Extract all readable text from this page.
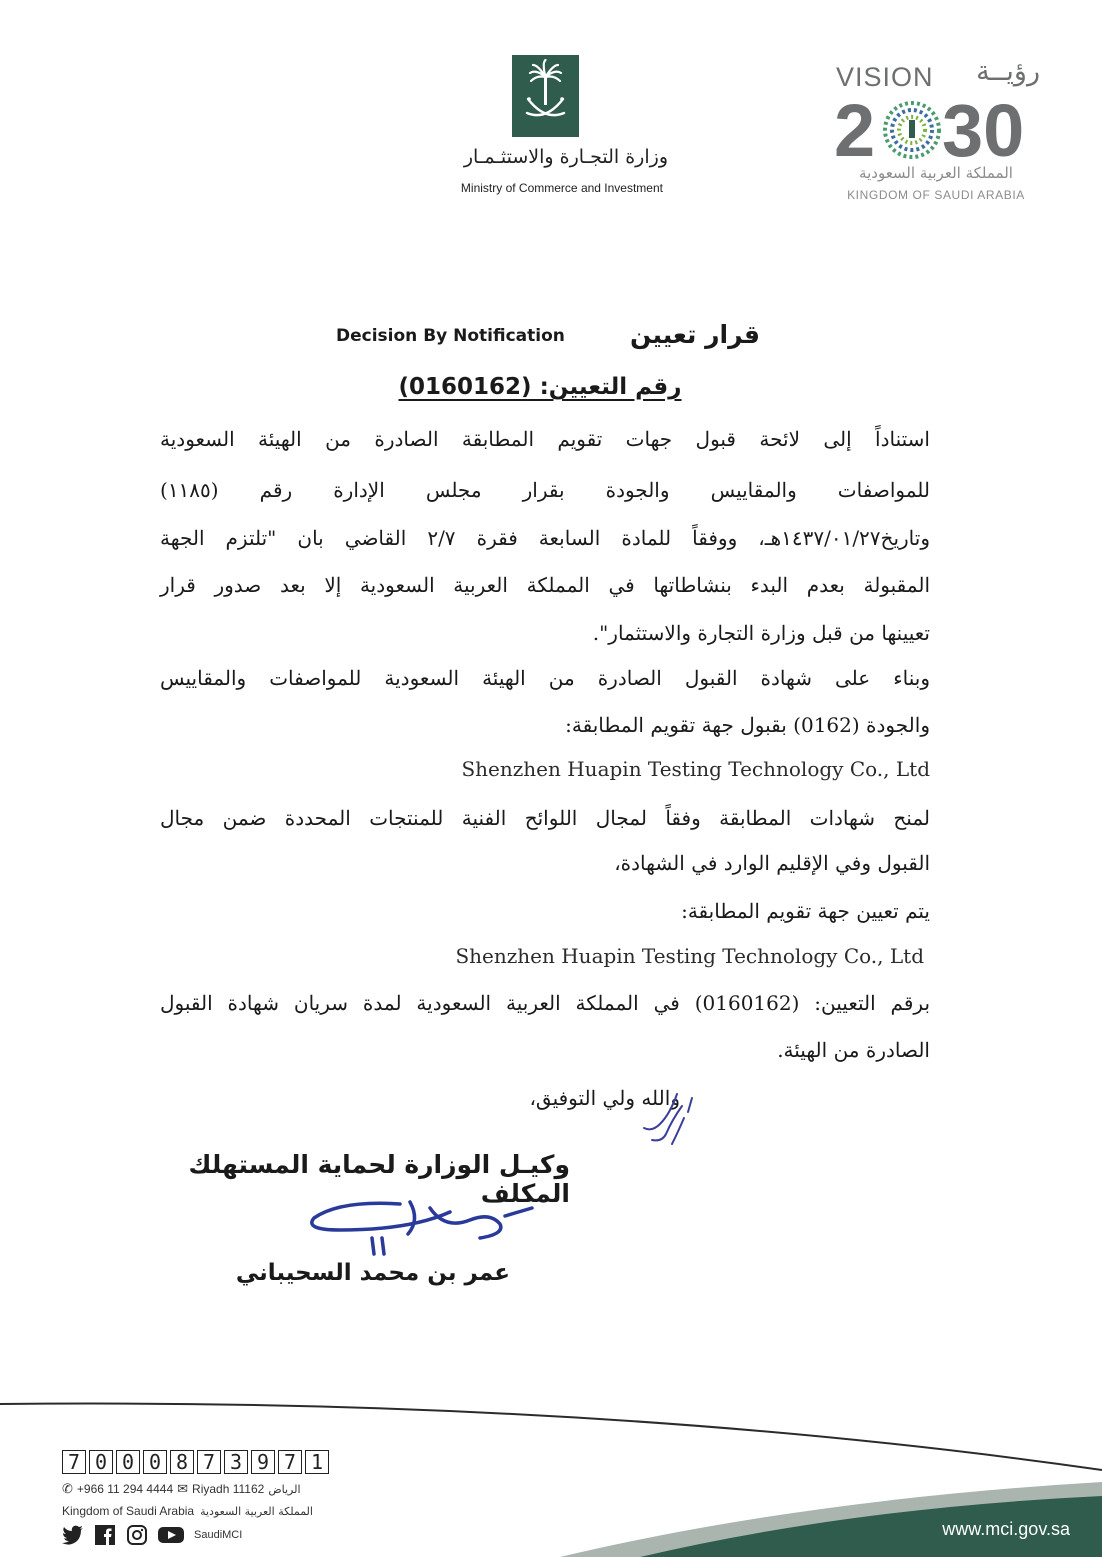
وزارة التجـارة والاستثـمـار
Ministry of Commerce and Investment
VISION	رؤيــة
2 30
المملكة العربية السعودية
KINGDOM OF SAUDI ARABIA
Decision By Notification	قرار تعيين
رقم التعيين: (0160162)
استناداً إلى لائحة قبول جهات تقويم المطابقة الصادرة من الهيئة السعودية
للمواصفات والمقاييس والجودة بقرار مجلس الإدارة رقم (١١٨٥)
وتاريخ١٤٣٧/٠١/٢٧هـ، ووفقاً للمادة السابعة فقرة ٢/٧ القاضي بان "تلتزم الجهة
المقبولة بعدم البدء بنشاطاتها في المملكة العربية السعودية إلا بعد صدور قرار
تعيينها من قبل وزارة التجارة والاستثمار".
وبناء على شهادة القبول الصادرة من الهيئة السعودية للمواصفات والمقاييس
والجودة (0162) بقبول جهة تقويم المطابقة:
Shenzhen Huapin Testing Technology Co., Ltd
لمنح شهادات المطابقة وفقاً لمجال اللوائح الفنية للمنتجات المحددة ضمن مجال
القبول وفي الإقليم الوارد في الشهادة،
يتم تعيين جهة تقويم المطابقة:
Shenzhen Huapin Testing Technology Co., Ltd
برقم التعيين: (0160162) في المملكة العربية السعودية لمدة سريان شهادة القبول
الصادرة من الهيئة.
والله ولي التوفيق،
وكيـل الوزارة لحماية المستهلك المكلف
عمر بن محمد السحيباني
7 0 0 0 8 7 3 9 7 1
✆ +966 11 294 4444 ✉ Riyadh 11162 الرياض
Kingdom of Saudi Arabia المملكة العربية السعودية
SaudiMCI	www.mci.gov.sa
